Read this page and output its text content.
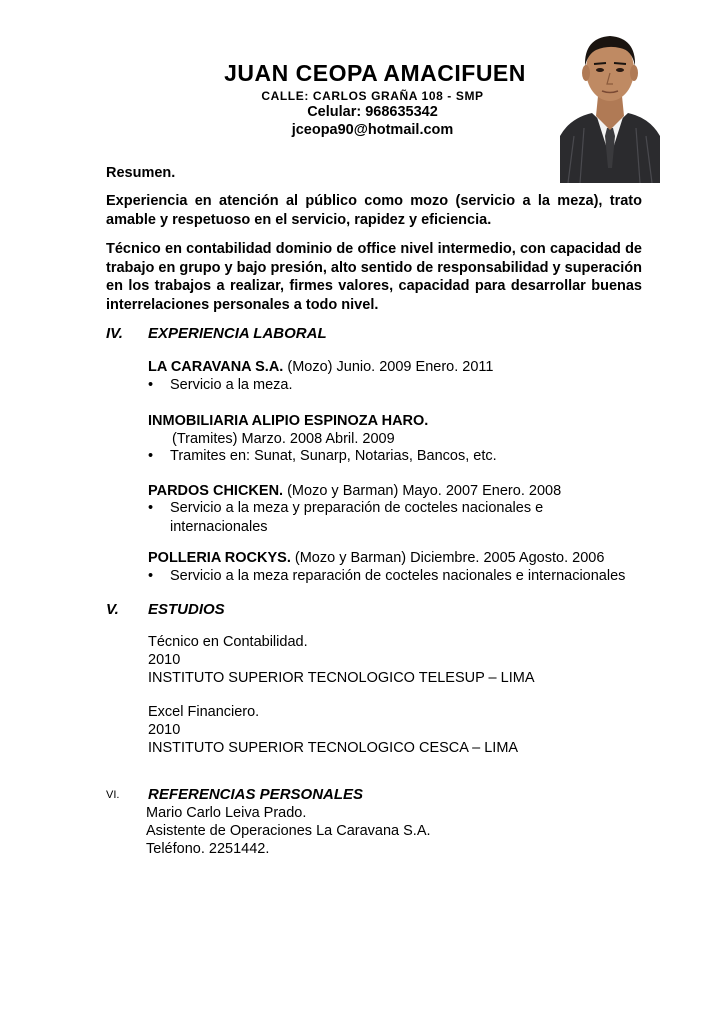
JUAN CEOPA AMACIFUEN
CALLE: CARLOS GRAÑA 108 - SMP
Celular: 968635342
jceopa90@hotmail.com
Resumen.
Experiencia en atención al público como mozo (servicio a la meza), trato amable y respetuoso en el servicio, rapidez y eficiencia.
Técnico en contabilidad dominio de office nivel intermedio, con capacidad de trabajo en grupo y bajo presión, alto sentido de responsabilidad y superación en los trabajos a realizar, firmes valores, capacidad para desarrollar buenas interrelaciones personales a todo nivel.
IV. EXPERIENCIA LABORAL
LA CARAVANA S.A. (Mozo) Junio. 2009 Enero. 2011
•	Servicio a la meza.
INMOBILIARIA ALIPIO ESPINOZA HARO.
(Tramites) Marzo. 2008 Abril. 2009
•	Tramites en: Sunat, Sunarp, Notarias, Bancos, etc.
PARDOS CHICKEN. (Mozo y Barman) Mayo. 2007 Enero. 2008
•	Servicio a la meza y preparación de cocteles nacionales e
internacionales
POLLERIA ROCKYS. (Mozo y Barman) Diciembre. 2005 Agosto. 2006
•	Servicio a la meza reparación de cocteles nacionales e internacionales
V. ESTUDIOS
Técnico en Contabilidad.
2010
INSTITUTO SUPERIOR TECNOLOGICO TELESUP – LIMA
Excel Financiero.
2010
INSTITUTO SUPERIOR TECNOLOGICO CESCA – LIMA
VI. REFERENCIAS PERSONALES
Mario Carlo Leiva Prado.
Asistente de Operaciones La Caravana S.A.
Teléfono. 2251442.
